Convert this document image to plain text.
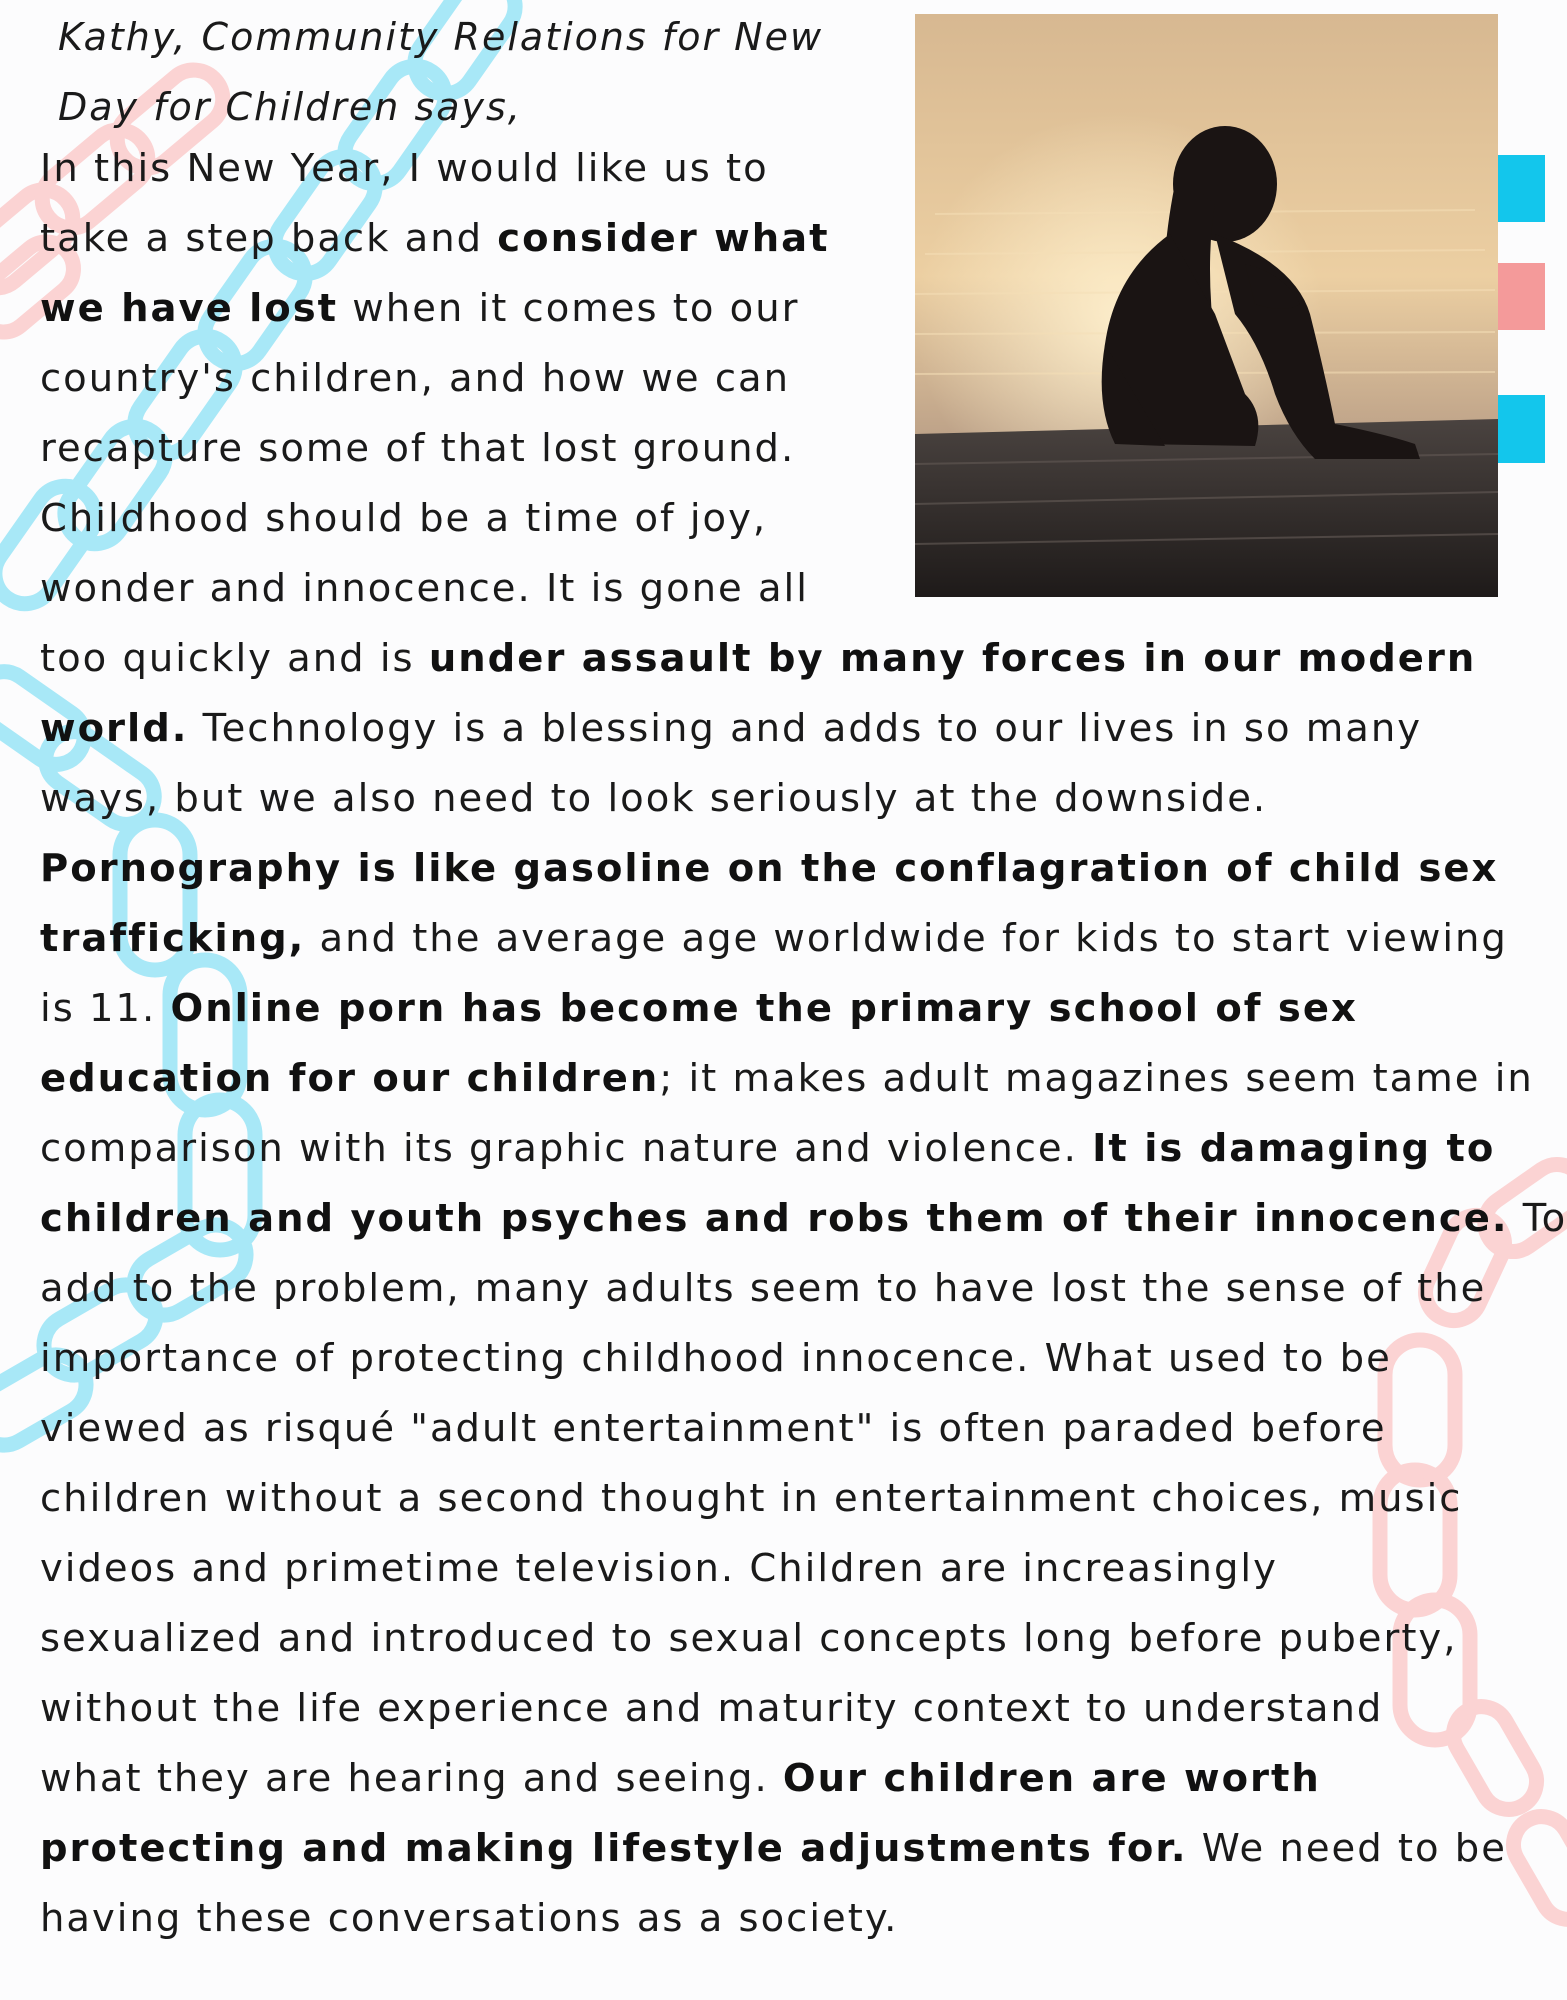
Kathy, Community Relations for New
Day for Children says,
In this New Year, I would like us to
take a step back and consider what
we have lost when it comes to our
country's children, and how we can
recapture some of that lost ground.
Childhood should be a time of joy,
wonder and innocence. It is gone all
too quickly and is under assault by many forces in our modern
world. Technology is a blessing and adds to our lives in so many
ways, but we also need to look seriously at the downside.
Pornography is like gasoline on the conflagration of child sex
trafficking, and the average age worldwide for kids to start viewing
is 11. Online porn has become the primary school of sex
education for our children; it makes adult magazines seem tame in
comparison with its graphic nature and violence. It is damaging to
children and youth psyches and robs them of their innocence. To
add to the problem, many adults seem to have lost the sense of the
importance of protecting childhood innocence. What used to be
viewed as risqué "adult entertainment" is often paraded before
children without a second thought in entertainment choices, music
videos and primetime television. Children are increasingly
sexualized and introduced to sexual concepts long before puberty,
without the life experience and maturity context to understand
what they are hearing and seeing. Our children are worth
protecting and making lifestyle adjustments for. We need to be
having these conversations as a society.
